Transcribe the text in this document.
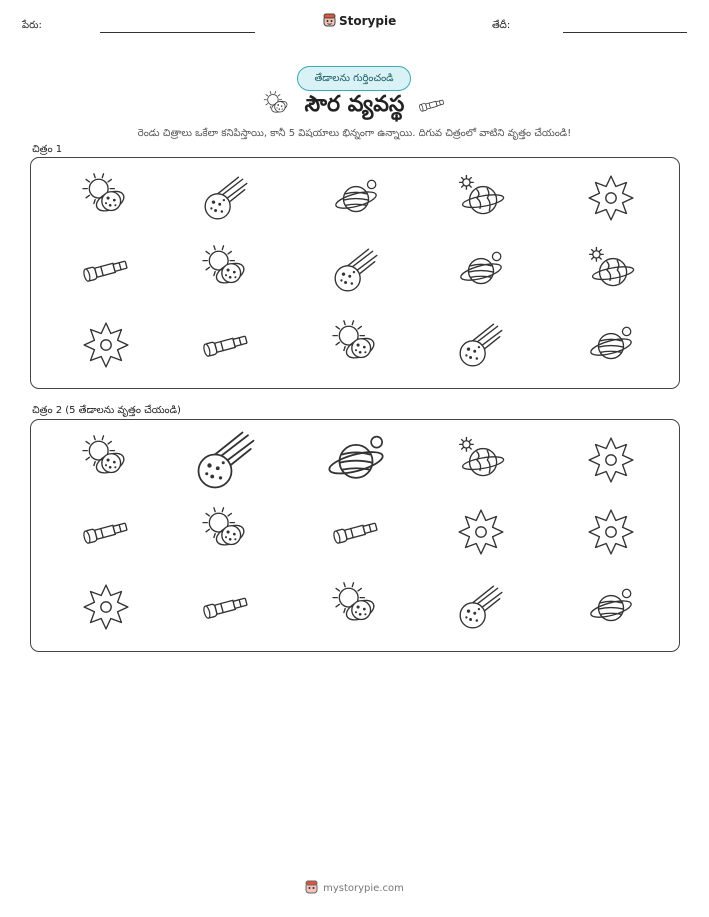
పేరు:	Storypie	తేదీ:
తేడాలను గుర్తించండి
సౌర వ్యవస్థ
రెండు చిత్రాలు ఒకేలా కనిపిస్తాయి, కానీ 5 విషయాలు భిన్నంగా ఉన్నాయి. దిగువ చిత్రంలో వాటిని వృత్తం చేయండి!
చిత్రం 1
చిత్రం 2 (5 తేడాలను వృత్తం చేయండి)
mystorypie.com
